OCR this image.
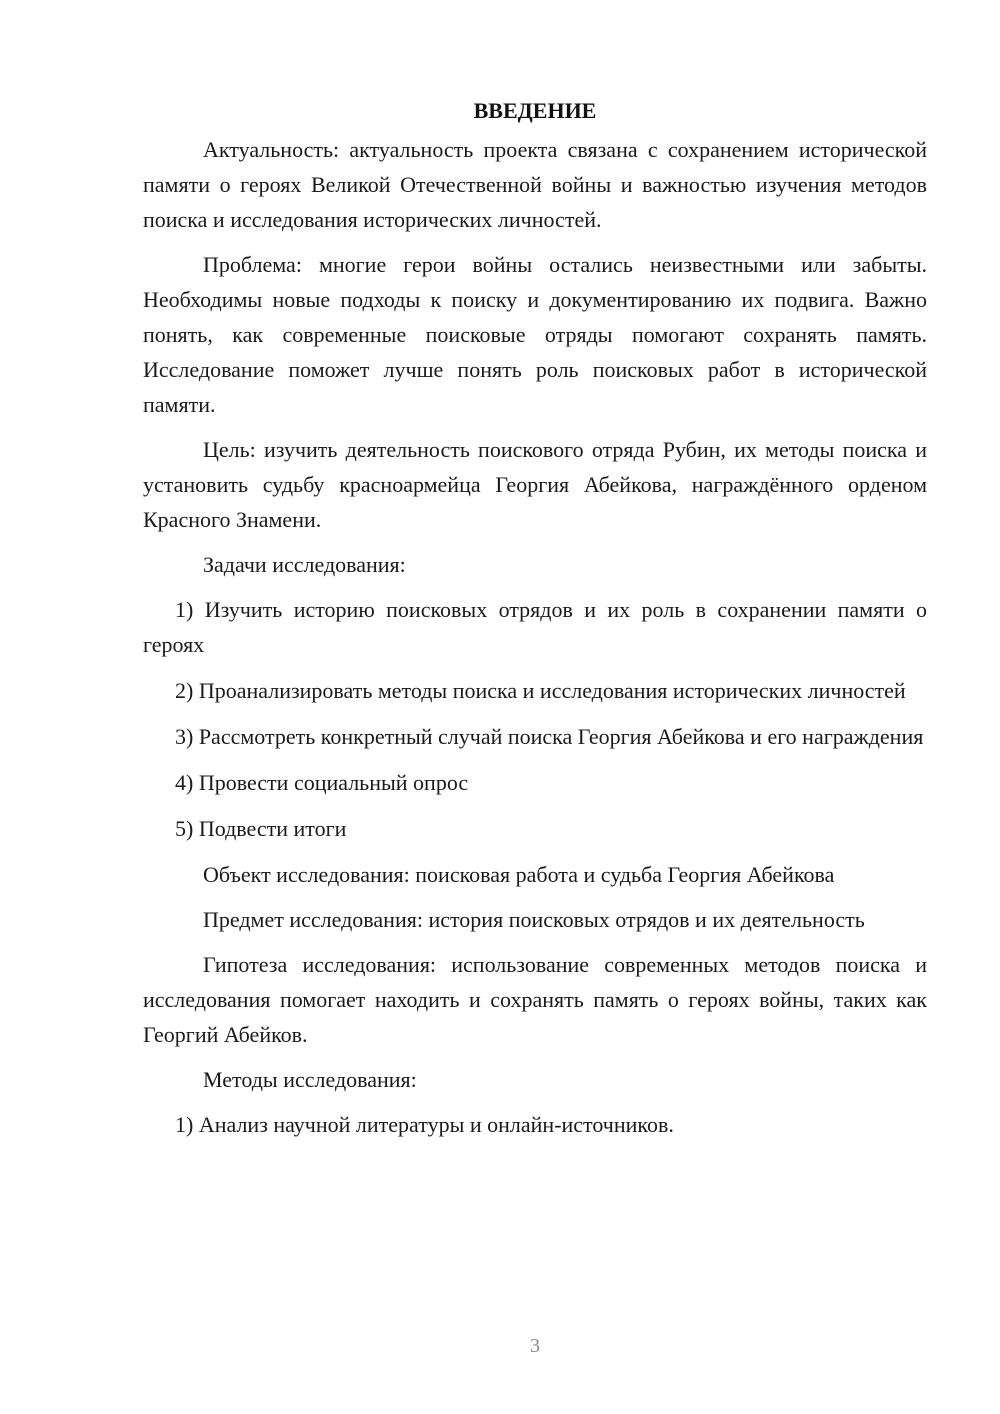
ВВЕДЕНИЕ

Актуальность: актуальность проекта связана с сохранением исторической памяти о героях Великой Отечественной войны и важностью изучения методов поиска и исследования исторических личностей.

Проблема: многие герои войны остались неизвестными или забыты. Необходимы новые подходы к поиску и документированию их подвига. Важно понять, как современные поисковые отряды помогают сохранять память. Исследование поможет лучше понять роль поисковых работ в исторической памяти.

Цель: изучить деятельность поискового отряда Рубин, их методы поиска и установить судьбу красноармейца Георгия Абейкова, награждённого орденом Красного Знамени.

Задачи исследования:

1) Изучить историю поисковых отрядов и их роль в сохранении памяти о героях

2) Проанализировать методы поиска и исследования исторических личностей

3) Рассмотреть конкретный случай поиска Георгия Абейкова и его награждения

4) Провести социальный опрос

5) Подвести итоги

Объект исследования: поисковая работа и судьба Георгия Абейкова

Предмет исследования: история поисковых отрядов и их деятельность

Гипотеза исследования: использование современных методов поиска и исследования помогает находить и сохранять память о героях войны, таких как Георгий Абейков.

Методы исследования:

1) Анализ научной литературы и онлайн-источников.

3
